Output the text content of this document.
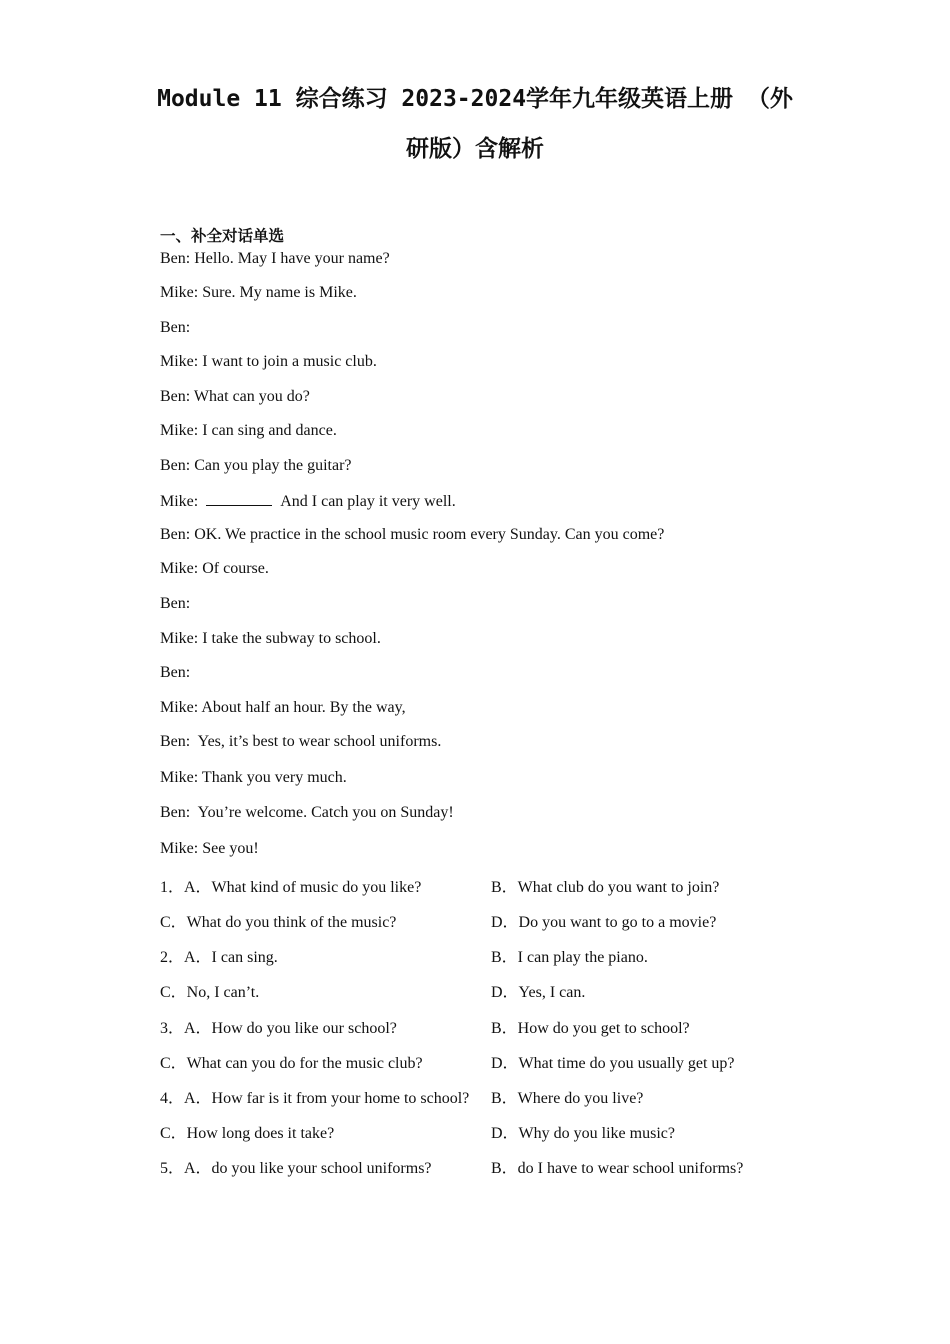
Module 11 综合练习 2023-2024学年九年级英语上册 （外
研版）含解析
一、补全对话单选
Ben: Hello. May I have your name?
Mike: Sure. My name is Mike.
Ben:
Mike: I want to join a music club.
Ben: What can you do?
Mike: I can sing and dance.
Ben: Can you play the guitar?
Mike:	And I can play it very well.
Ben: OK. We practice in the school music room every Sunday. Can you come?
Mike: Of course.
Ben:
Mike: I take the subway to school.
Ben:
Mike: About half an hour. By the way,
Ben:  Yes, it’s best to wear school uniforms.
Mike: Thank you very much.
Ben:  You’re welcome. Catch you on Sunday!
Mike: See you!
1．A．What kind of music do you like?	B．What club do you want to join?
C．What do you think of the music?	D．Do you want to go to a movie?
2．A．I can sing.	B．I can play the piano.
C．No, I can’t.	D．Yes, I can.
3．A．How do you like our school?	B．How do you get to school?
C．What can you do for the music club?	D．What time do you usually get up?
4．A．How far is it from your home to school? B．Where do you live?
C．How long does it take?	D．Why do you like music?
5．A．do you like your school uniforms?	B．do I have to wear school uniforms?
